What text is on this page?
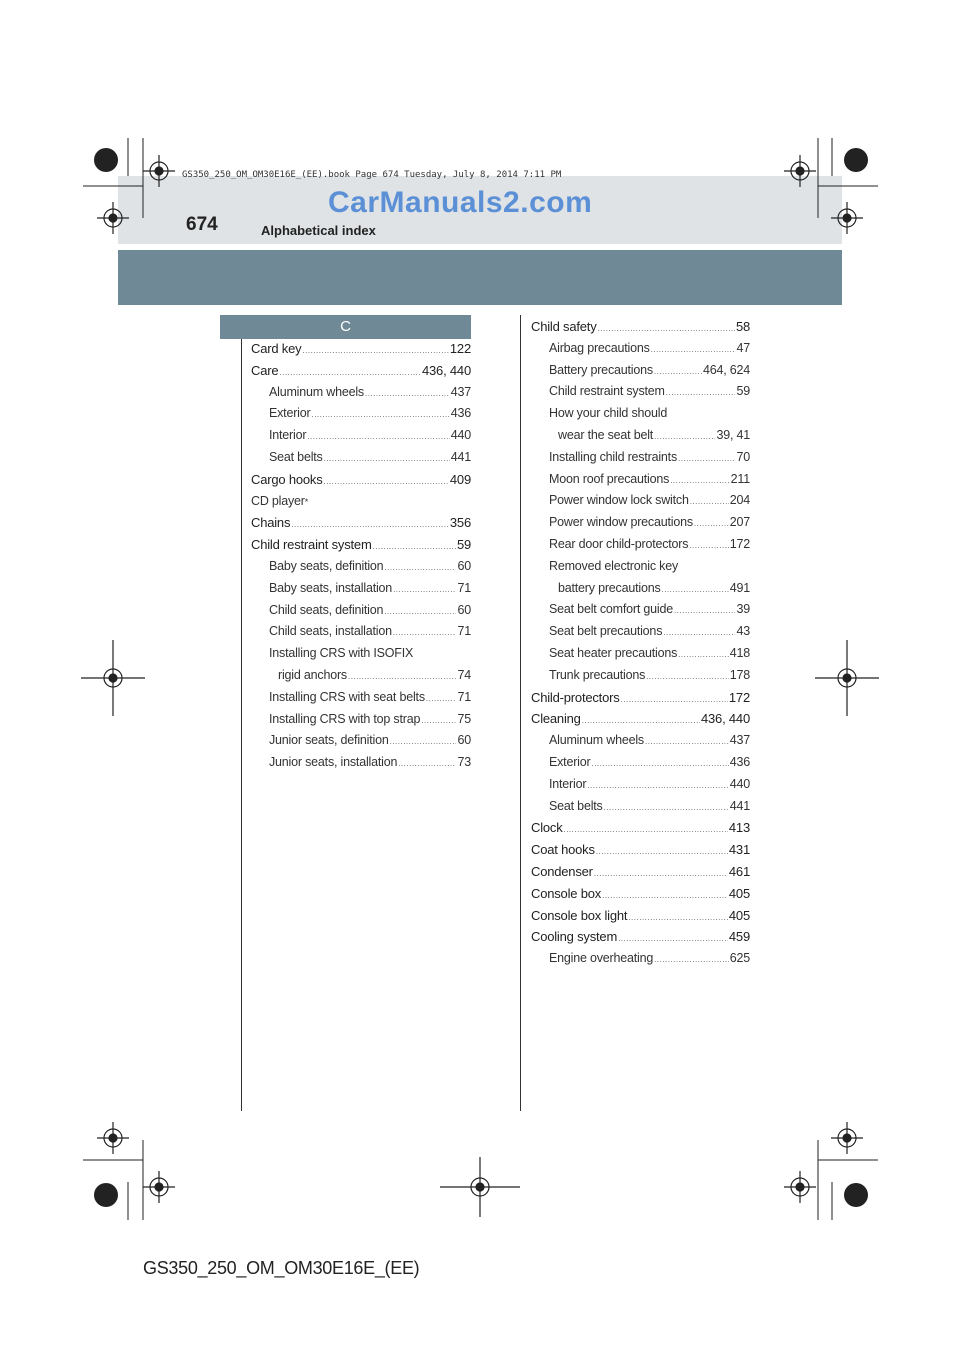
GS350_250_OM_OM30E16E_(EE).book Page 674 Tuesday, July 8, 2014 7:11 PM
CarManuals2.com
674	Alphabetical index
C
Card key .....	122
Care .....	436, 440
Aluminum wheels .....	437
Exterior .....	436
Interior .....	440
Seat belts .....	441
Cargo hooks .....	409
CD player *
Chains .....	356
Child restraint system .....	59
Baby seats, definition .....	60
Baby seats, installation .....	71
Child seats, definition .....	60
Child seats, installation .....	71
Installing CRS with ISOFIX
rigid anchors .....	74
Installing CRS with seat belts .....	71
Installing CRS with top strap .....	75
Junior seats, definition .....	60
Junior seats, installation .....	73
Child safety .....	58
Airbag precautions .....	47
Battery precautions .....	464, 624
Child restraint system .....	59
How your child should
wear the seat belt .....	39, 41
Installing child restraints .....	70
Moon roof precautions .....	211
Power window lock switch .....	204
Power window precautions .....	207
Rear door child-protectors .....	172
Removed electronic key
battery precautions .....	491
Seat belt comfort guide .....	39
Seat belt precautions .....	43
Seat heater precautions .....	418
Trunk precautions .....	178
Child-protectors .....	172
Cleaning .....	436, 440
Aluminum wheels .....	437
Exterior .....	436
Interior .....	440
Seat belts .....	441
Clock .....	413
Coat hooks .....	431
Condenser .....	461
Console box .....	405
Console box light .....	405
Cooling system .....	459
Engine overheating .....	625
GS350_250_OM_OM30E16E_(EE)
